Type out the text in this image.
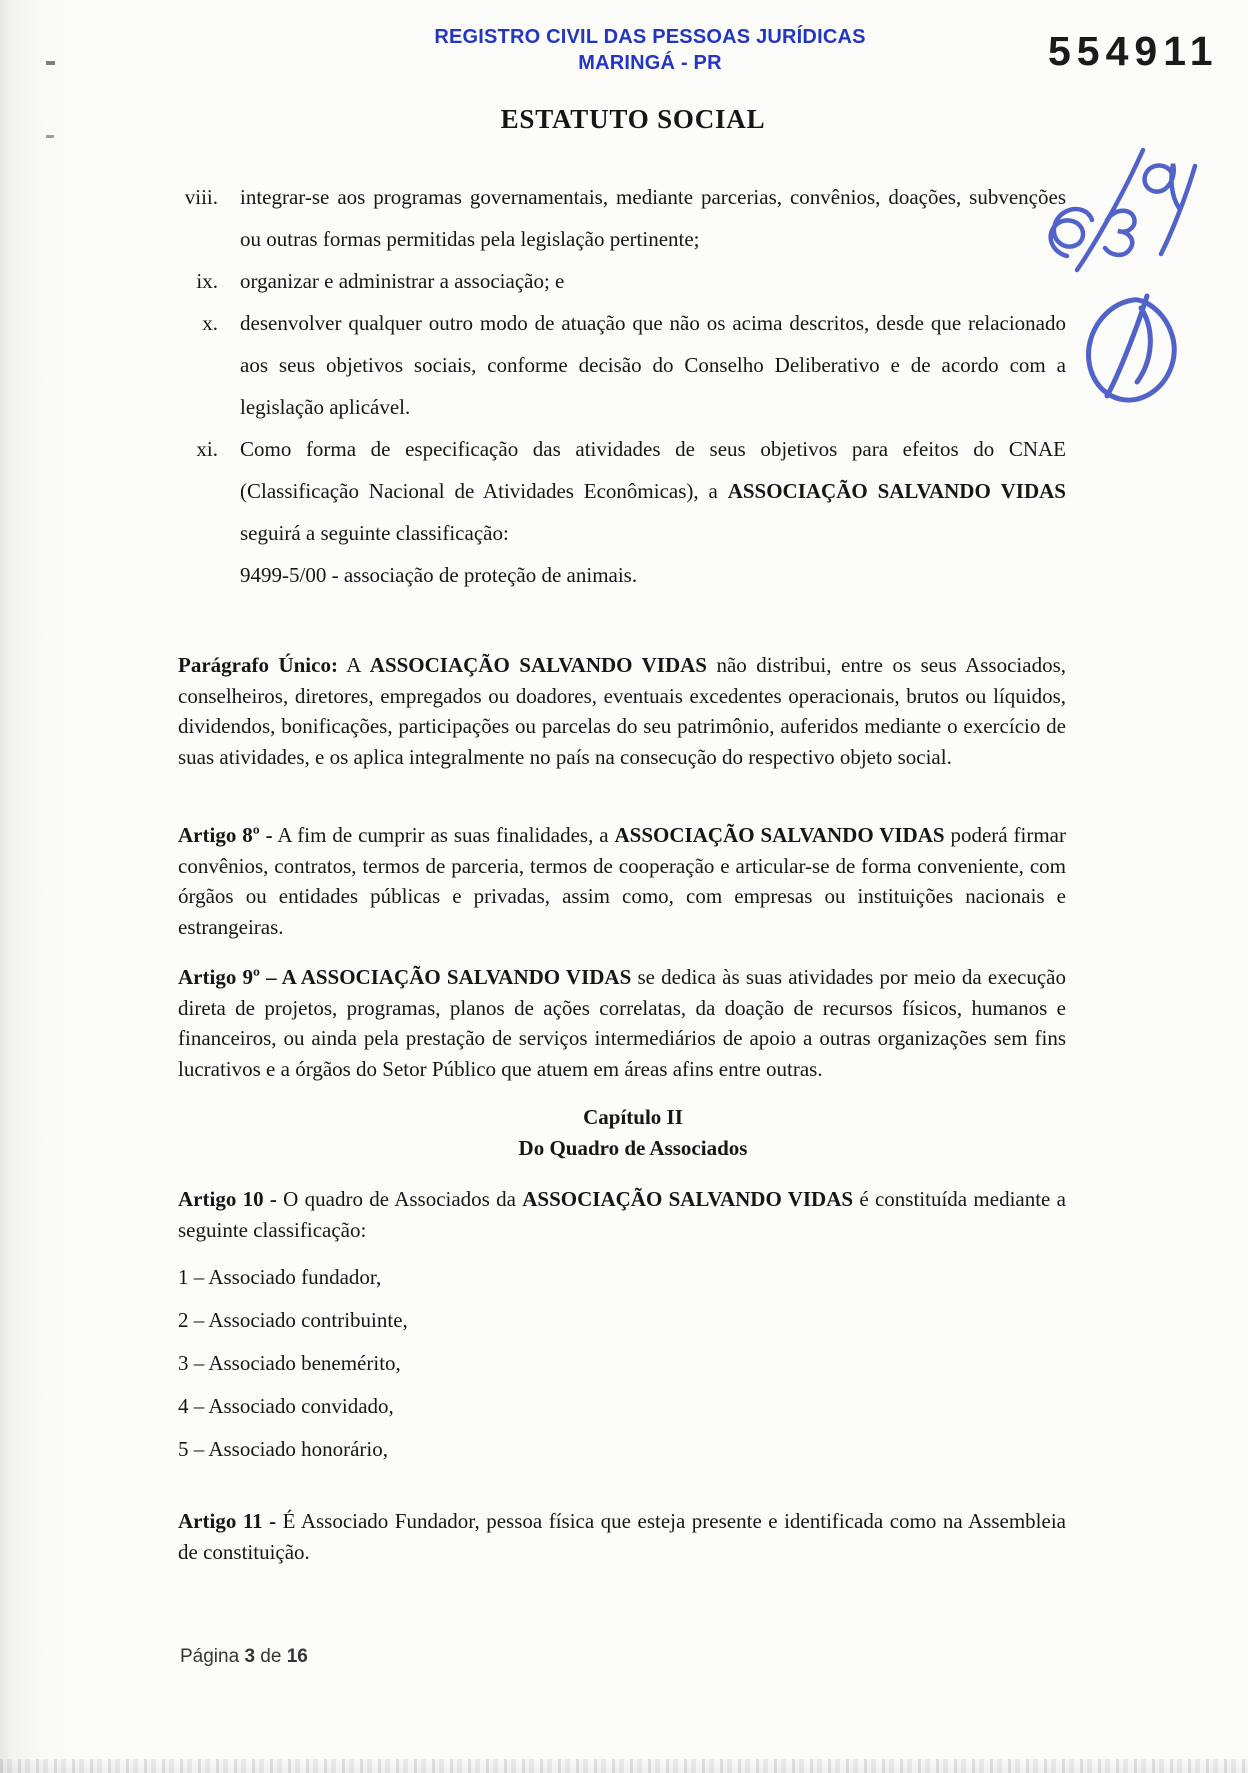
REGISTRO CIVIL DAS PESSOAS JURÍDICAS
MARINGÁ - PR	554911
ESTATUTO SOCIAL
viii.	integrar-se aos programas governamentais, mediante parcerias, convênios, doações, subvenções ou outras formas permitidas pela legislação pertinente;
ix.	organizar e administrar a associação; e
x.	desenvolver qualquer outro modo de atuação que não os acima descritos, desde que relacionado aos seus objetivos sociais, conforme decisão do Conselho Deliberativo e de acordo com a legislação aplicável.
xi.	Como forma de especificação das atividades de seus objetivos para efeitos do CNAE (Classificação Nacional de Atividades Econômicas), a ASSOCIAÇÃO SALVANDO VIDAS seguirá a seguinte classificação:
9499-5/00 - associação de proteção de animais.
Parágrafo Único: A ASSOCIAÇÃO SALVANDO VIDAS não distribui, entre os seus Associados, conselheiros, diretores, empregados ou doadores, eventuais excedentes operacionais, brutos ou líquidos, dividendos, bonificações, participações ou parcelas do seu patrimônio, auferidos mediante o exercício de suas atividades, e os aplica integralmente no país na consecução do respectivo objeto social.
Artigo 8º - A fim de cumprir as suas finalidades, a ASSOCIAÇÃO SALVANDO VIDAS poderá firmar convênios, contratos, termos de parceria, termos de cooperação e articular-se de forma conveniente, com órgãos ou entidades públicas e privadas, assim como, com empresas ou instituições nacionais e estrangeiras.
Artigo 9º – A ASSOCIAÇÃO SALVANDO VIDAS se dedica às suas atividades por meio da execução direta de projetos, programas, planos de ações correlatas, da doação de recursos físicos, humanos e financeiros, ou ainda pela prestação de serviços intermediários de apoio a outras organizações sem fins lucrativos e a órgãos do Setor Público que atuem em áreas afins entre outras.
Capítulo II
Do Quadro de Associados
Artigo 10 - O quadro de Associados da ASSOCIAÇÃO SALVANDO VIDAS é constituída mediante a seguinte classificação:
1 – Associado fundador,
2 – Associado contribuinte,
3 – Associado benemérito,
4 – Associado convidado,
5 – Associado honorário,
Artigo 11 - É Associado Fundador, pessoa física que esteja presente e identificada como na Assembleia de constituição.
Página 3 de 16
